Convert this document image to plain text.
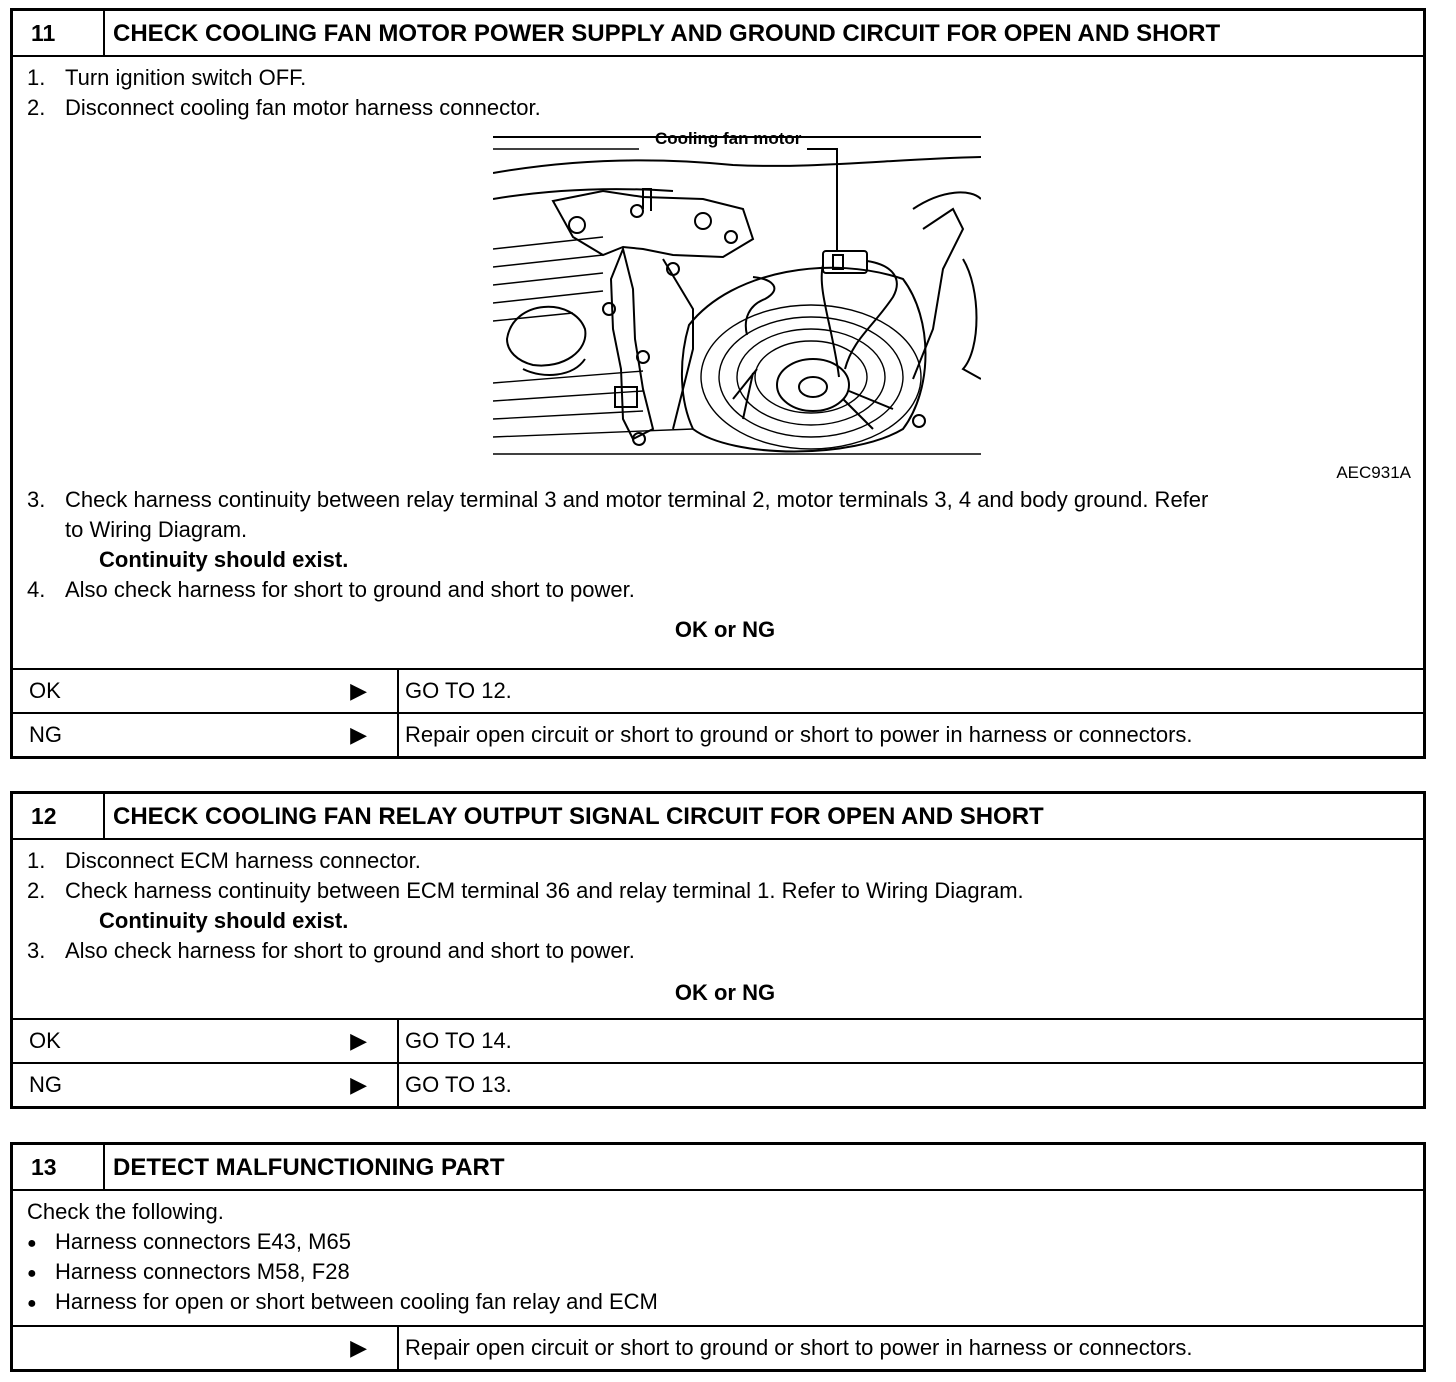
11	CHECK COOLING FAN MOTOR POWER SUPPLY AND GROUND CIRCUIT FOR OPEN AND SHORT
1. Turn ignition switch OFF.
2. Disconnect cooling fan motor harness connector.
Cooling fan motor
AEC931A
3. Check harness continuity between relay terminal 3 and motor terminal 2, motor terminals 3, 4 and body ground. Refer
to Wiring Diagram.
Continuity should exist.
4. Also check harness for short to ground and short to power.
OK or NG
OK	▶ GO TO 12.
NG	▶ Repair open circuit or short to ground or short to power in harness or connectors.
12	CHECK COOLING FAN RELAY OUTPUT SIGNAL CIRCUIT FOR OPEN AND SHORT
1. Disconnect ECM harness connector.
2. Check harness continuity between ECM terminal 36 and relay terminal 1. Refer to Wiring Diagram.
Continuity should exist.
3. Also check harness for short to ground and short to power.
OK or NG
OK	▶ GO TO 14.
NG	▶ GO TO 13.
13	DETECT MALFUNCTIONING PART
Check the following.
● Harness connectors E43, M65
● Harness connectors M58, F28
● Harness for open or short between cooling fan relay and ECM
▶ Repair open circuit or short to ground or short to power in harness or connectors.
